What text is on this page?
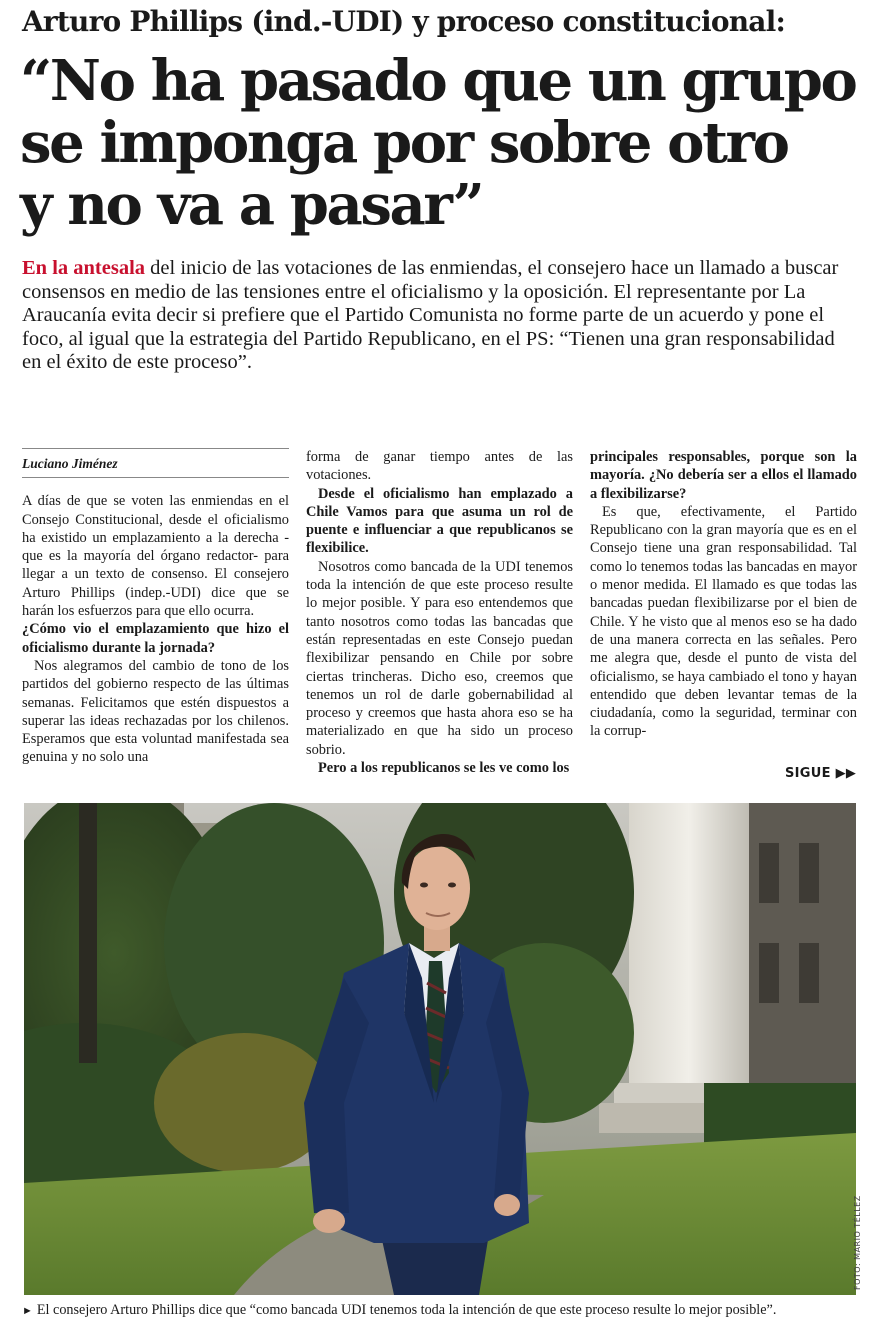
Arturo Phillips (ind.-UDI) y proceso constitucional:
“No ha pasado que un grupo
se imponga por sobre otro
y no va a pasar”
En la antesala del inicio de las votaciones de las enmiendas, el consejero hace un llamado a buscar consensos en medio de las tensiones entre el oficialismo y la oposición. El representante por La Araucanía evita decir si prefiere que el Partido Comunista no forme parte de un acuerdo y pone el foco, al igual que la estrategia del Partido Republicano, en el PS: “Tienen una gran responsabilidad en el éxito de este proceso”.
Luciano Jiménez

A días de que se voten las enmiendas en el Consejo Constitucional, desde el oficialismo ha existido un emplazamiento a la derecha -que es la mayoría del órgano redactor- para llegar a un texto de consenso. El consejero Arturo Phillips (indep.-UDI) dice que se harán los esfuerzos para que ello ocurra.

¿Cómo vio el emplazamiento que hizo el oficialismo durante la jornada?

Nos alegramos del cambio de tono de los partidos del gobierno respecto de las últimas semanas. Felicitamos que estén dispuestos a superar las ideas rechazadas por los chilenos. Esperamos que esta voluntad manifestada sea genuina y no solo una

forma de ganar tiempo antes de las votaciones.

Desde el oficialismo han emplazado a Chile Vamos para que asuma un rol de puente e influenciar a que republicanos se flexibilice.

Nosotros como bancada de la UDI tenemos toda la intención de que este proceso resulte lo mejor posible. Y para eso entendemos que tanto nosotros como todas las bancadas que están representadas en este Consejo puedan flexibilizar pensando en Chile por sobre ciertas trincheras. Dicho eso, creemos que tenemos un rol de darle gobernabilidad al proceso y creemos que hasta ahora eso se ha materializado en que ha sido un proceso sobrio.

Pero a los republicanos se les ve como los

principales responsables, porque son la mayoría. ¿No debería ser a ellos el llamado a flexibilizarse?

Es que, efectivamente, el Partido Republicano con la gran mayoría que es en el Consejo tiene una gran responsabilidad. Tal como lo tenemos todas las bancadas en mayor o menor medida. El llamado es que todas las bancadas puedan flexibilizarse por el bien de Chile. Y he visto que al menos eso se ha dado de una manera correcta en las señales. Pero me alegra que, desde el punto de vista del oficialismo, se haya cambiado el tono y hayan entendido que deben levantar temas de la ciudadanía, como la seguridad, terminar con la corrup-

SIGUE ▶▶
FOTO: MARIO TÉLLEZ
► El consejero Arturo Phillips dice que “como bancada UDI tenemos toda la intención de que este proceso resulte lo mejor posible”.
